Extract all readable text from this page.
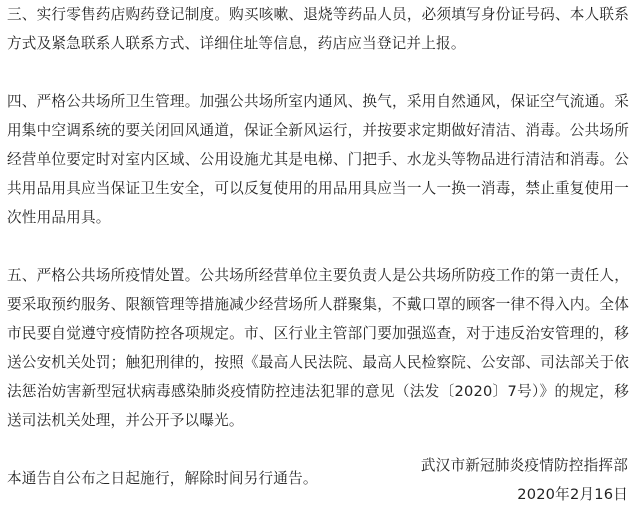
三、实行零售药店购药登记制度。购买咳嗽、退烧等药品人员，必须填写身份证号码、本人联系方式及紧急联系人联系方式、详细住址等信息，药店应当登记并上报。

四、严格公共场所卫生管理。加强公共场所室内通风、换气，采用自然通风，保证空气流通。采用集中空调系统的要关闭回风通道，保证全新风运行，并按要求定期做好清洁、消毒。公共场所经营单位要定时对室内区域、公用设施尤其是电梯、门把手、水龙头等物品进行清洁和消毒。公共用品用具应当保证卫生安全，可以反复使用的用品用具应当一人一换一消毒，禁止重复使用一次性用品用具。

五、严格公共场所疫情处置。公共场所经营单位主要负责人是公共场所防疫工作的第一责任人，要采取预约服务、限额管理等措施减少经营场所人群聚集，不戴口罩的顾客一律不得入内。全体市民要自觉遵守疫情防控各项规定。市、区行业主管部门要加强巡查，对于违反治安管理的，移送公安机关处罚；触犯刑律的，按照《最高人民法院、最高人民检察院、公安部、司法部关于依法惩治妨害新型冠状病毒感染肺炎疫情防控违法犯罪的意见（法发〔2020〕7号）》的规定，移送司法机关处理，并公开予以曝光。

本通告自公布之日起施行，解除时间另行通告。

武汉市新冠肺炎疫情防控指挥部
2020年2月16日
